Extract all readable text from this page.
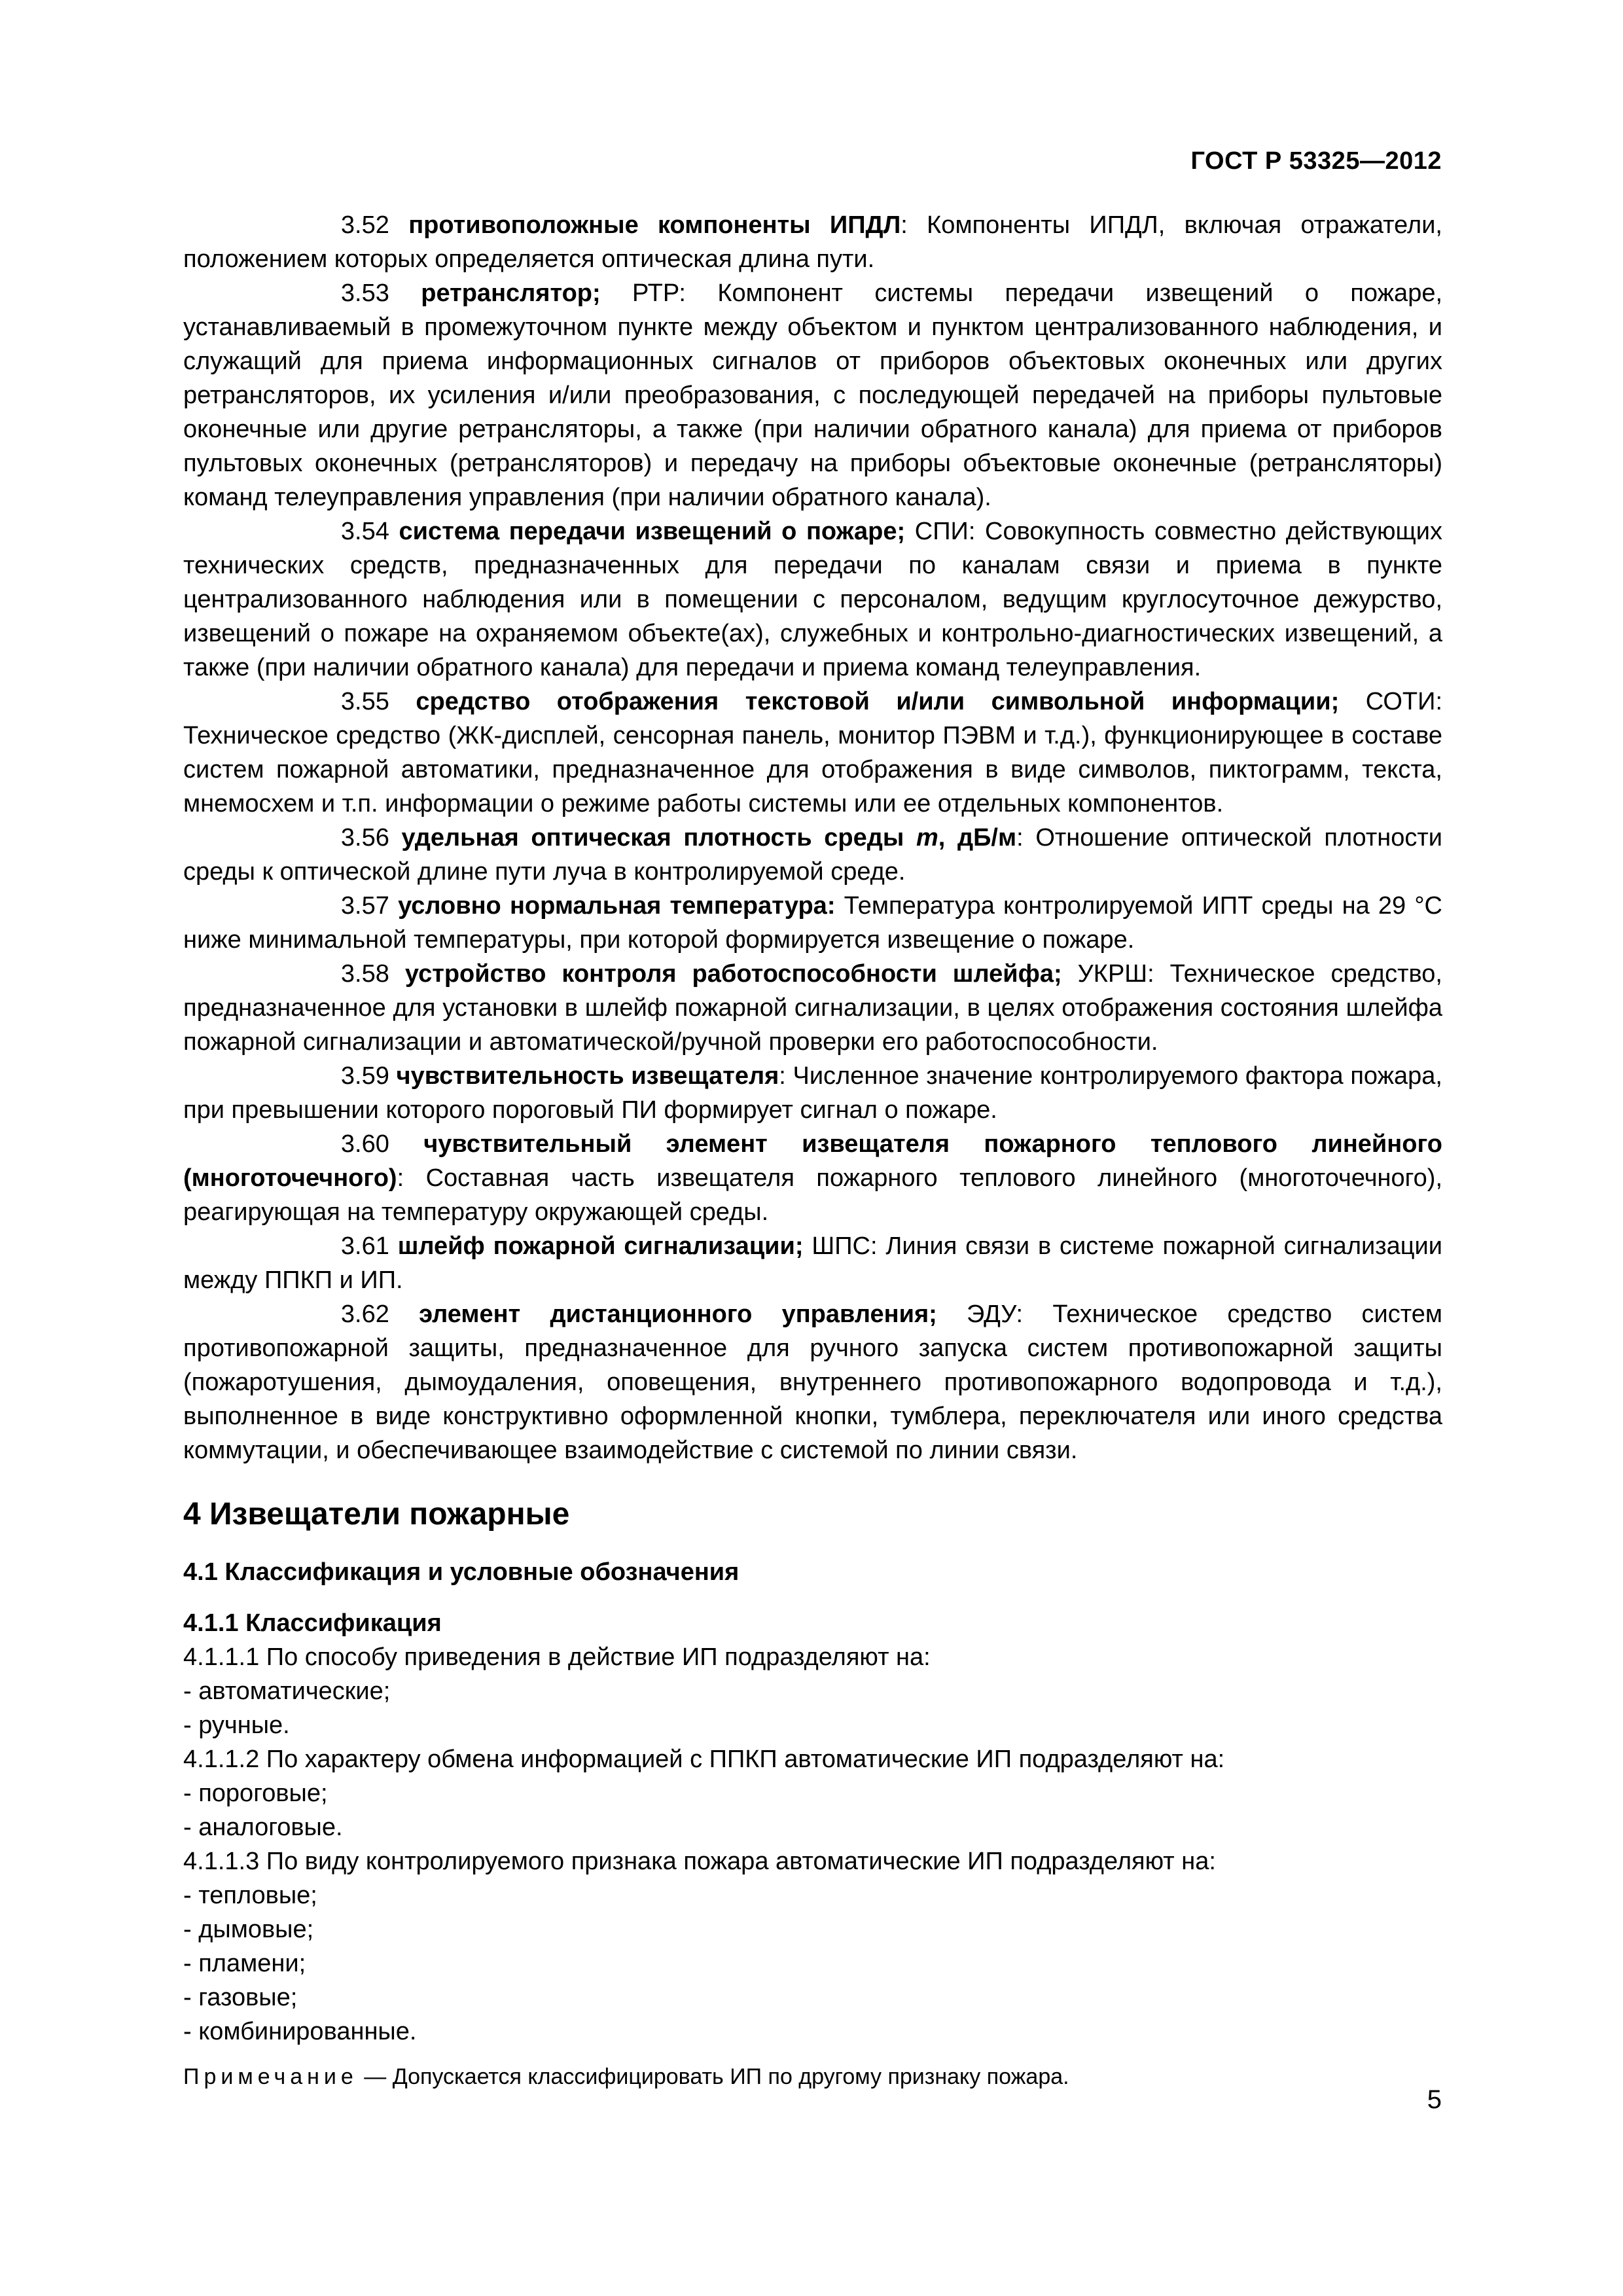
ГОСТ Р 53325—2012

3.52 противоположные компоненты ИПДЛ: Компоненты ИПДЛ, включая отражатели, положением которых определяется оптическая длина пути.

3.53 ретранслятор; РТР: Компонент системы передачи извещений о пожаре, устанавливаемый в промежуточном пункте между объектом и пунктом централизованного наблюдения, и служащий для приема информационных сигналов от приборов объектовых оконечных или других ретрансляторов, их усиления и/или преобразования, с последующей передачей на приборы пультовые оконечные или другие ретрансляторы, а также (при наличии обратного канала) для приема от приборов пультовых оконечных (ретрансляторов) и передачу на приборы объектовые оконечные (ретрансляторы) команд телеуправления управления (при наличии обратного канала).

3.54 система передачи извещений о пожаре; СПИ: Совокупность совместно действующих технических средств, предназначенных для передачи по каналам связи и приема в пункте централизованного наблюдения или в помещении с персоналом, ведущим круглосуточное дежурство, извещений о пожаре на охраняемом объекте(ах), служебных и контрольно-диагностических извещений, а также (при наличии обратного канала) для передачи и приема команд телеуправления.

3.55 средство отображения текстовой и/или символьной информации; СОТИ: Техническое средство (ЖК-дисплей, сенсорная панель, монитор ПЭВМ и т.д.), функционирующее в составе систем пожарной автоматики, предназначенное для отображения в виде символов, пиктограмм, текста, мнемосхем и т.п. информации о режиме работы системы или ее отдельных компонентов.

3.56 удельная оптическая плотность среды m, дБ/м: Отношение оптической плотности среды к оптической длине пути луча в контролируемой среде.

3.57 условно нормальная температура: Температура контролируемой ИПТ среды на 29 °С ниже минимальной температуры, при которой формируется извещение о пожаре.

3.58 устройство контроля работоспособности шлейфа; УКРШ: Техническое средство, предназначенное для установки в шлейф пожарной сигнализации, в целях отображения состояния шлейфа пожарной сигнализации и автоматической/ручной проверки его работоспособности.

3.59 чувствительность извещателя: Численное значение контролируемого фактора пожара, при превышении которого пороговый ПИ формирует сигнал о пожаре.

3.60 чувствительный элемент извещателя пожарного теплового линейного (многоточечного): Составная часть извещателя пожарного теплового линейного (многоточечного), реагирующая на температуру окружающей среды.

3.61 шлейф пожарной сигнализации; ШПС: Линия связи в системе пожарной сигнализации между ППКП и ИП.

3.62 элемент дистанционного управления; ЭДУ: Техническое средство систем противопожарной защиты, предназначенное для ручного запуска систем противопожарной защиты (пожаротушения, дымоудаления, оповещения, внутреннего противопожарного водопровода и т.д.), выполненное в виде конструктивно оформленной кнопки, тумблера, переключателя или иного средства коммутации, и обеспечивающее взаимодействие с системой по линии связи.

4 Извещатели пожарные
4.1 Классификация и условные обозначения
4.1.1 Классификация

4.1.1.1 По способу приведения в действие ИП подразделяют на:

- автоматические;
- ручные.

4.1.1.2 По характеру обмена информацией с ППКП автоматические ИП подразделяют на:

- пороговые;
- аналоговые.

4.1.1.3 По виду контролируемого признака пожара автоматические ИП подразделяют на:

- тепловые;
- дымовые;
- пламени;
- газовые;
- комбинированные.
Примечание — Допускается классифицировать ИП по другому признаку пожара.
5
